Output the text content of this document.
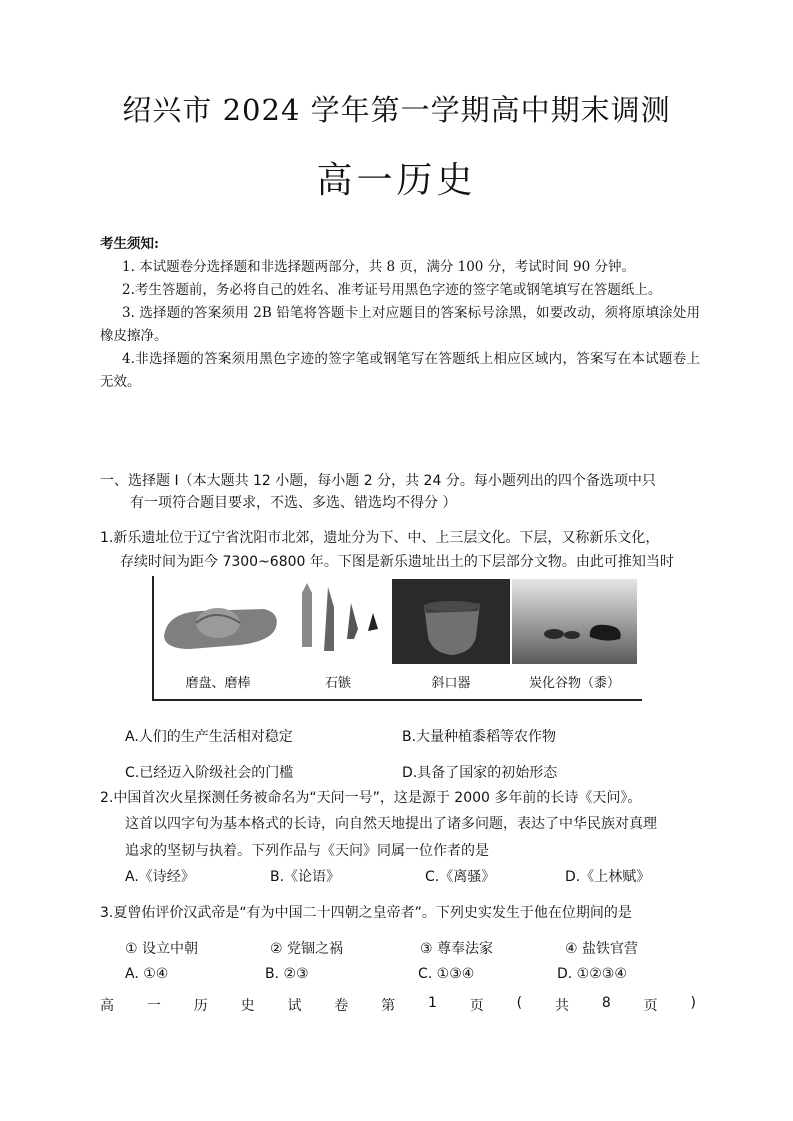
绍兴市 2024 学年第一学期高中期末调测
高一历史

考生须知:

1. 本试题卷分选择题和非选择题两部分，共 8 页，满分 100 分，考试时间 90 分钟。

2.考生答题前，务必将自己的姓名、准考证号用黑色字迹的签字笔或钢笔填写在答题纸上。

3. 选择题的答案须用 2B 铅笔将答题卡上对应题目的答案标号涂黑，如要改动，须将原填涂处用橡皮擦净。

4.非选择题的答案须用黑色字迹的签字笔或钢笔写在答题纸上相应区域内，答案写在本试题卷上无效。

一、选择题 I（本大题共 12 小题，每小题 2 分，共 24 分。每小题列出的四个备选项中只
有一项符合题目要求，不选、多选、错选均不得分 ）
1.新乐遗址位于辽宁省沈阳市北郊，遗址分为下、中、上三层文化。下层，又称新乐文化，
存续时间为距今 7300~6800 年。下图是新乐遗址出土的下层部分文物。由此可推知当时
磨盘、磨棒	石镞	斜口器	炭化谷物（黍）
A.人们的生产生活相对稳定	B.大量种植黍稻等农作物
C.已经迈入阶级社会的门槛	D.具备了国家的初始形态
2.中国首次火星探测任务被命名为“天问一号”，这是源于 2000 多年前的长诗《天问》。
这首以四字句为基本格式的长诗，向自然天地提出了诸多问题，表达了中华民族对真理
追求的坚韧与执着。下列作品与《天问》同属一位作者的是
A.《诗经》	B.《论语》	C.《离骚》	D.《上林赋》
3.夏曾佑评价汉武帝是“有为中国二十四朝之皇帝者”。下列史实发生于他在位期间的是
① 设立中朝	② 党锢之祸	③ 尊奉法家	④ 盐铁官营
A. ①④	B. ②③	C. ①③④	D. ①②③④
高 一 历 史 试 卷 第 1 页 ( 共 8 页 )
